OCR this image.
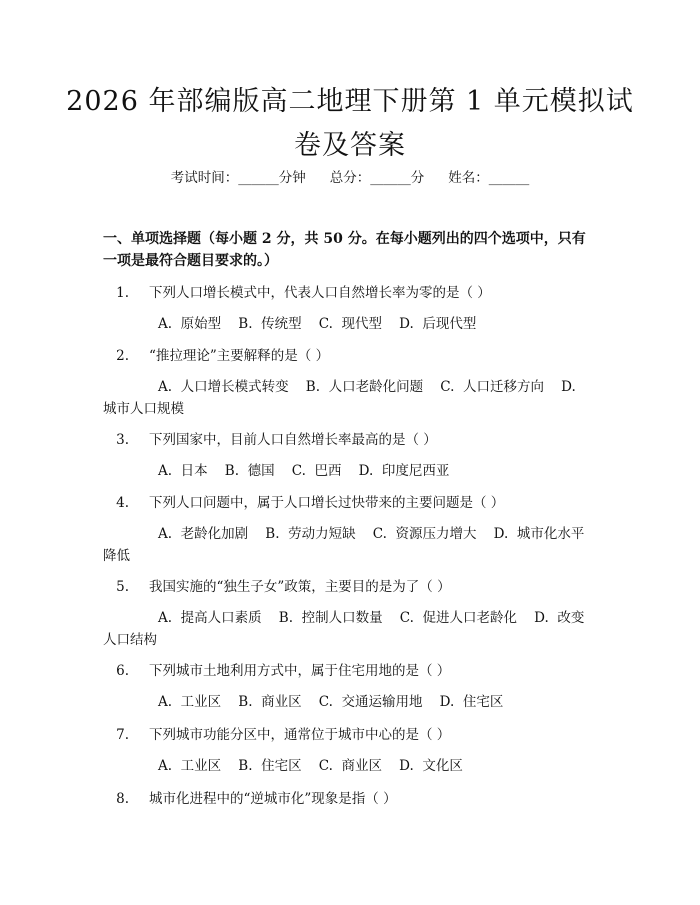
2026 年部编版高二地理下册第 1 单元模拟试
卷及答案
考试时间：______分钟 总分：______分 姓名：______
一、单项选择题（每小题 2 分，共 50 分。在每小题列出的四个选项中，只有一项是最符合题目要求的。）
1. 下列人口增长模式中，代表人口自然增长率为零的是（ ）
A.  原始型    B.  传统型    C.  现代型    D.  后现代型
2. “推拉理论”主要解释的是（ ）
A.  人口增长模式转变    B.  人口老龄化问题    C.  人口迁移方向    D.  城市人口规模
3. 下列国家中，目前人口自然增长率最高的是（ ）
A.  日本    B.  德国    C.  巴西    D.  印度尼西亚
4. 下列人口问题中，属于人口增长过快带来的主要问题是（ ）
A.  老龄化加剧    B.  劳动力短缺    C.  资源压力增大    D.  城市化水平降低
5. 我国实施的“独生子女”政策，主要目的是为了（ ）
A.  提高人口素质    B.  控制人口数量    C.  促进人口老龄化    D.  改变人口结构
6. 下列城市土地利用方式中，属于住宅用地的是（ ）
A.  工业区    B.  商业区    C.  交通运输用地    D.  住宅区
7. 下列城市功能分区中，通常位于城市中心的是（ ）
A.  工业区    B.  住宅区    C.  商业区    D.  文化区
8. 城市化进程中的“逆城市化”现象是指（ ）
